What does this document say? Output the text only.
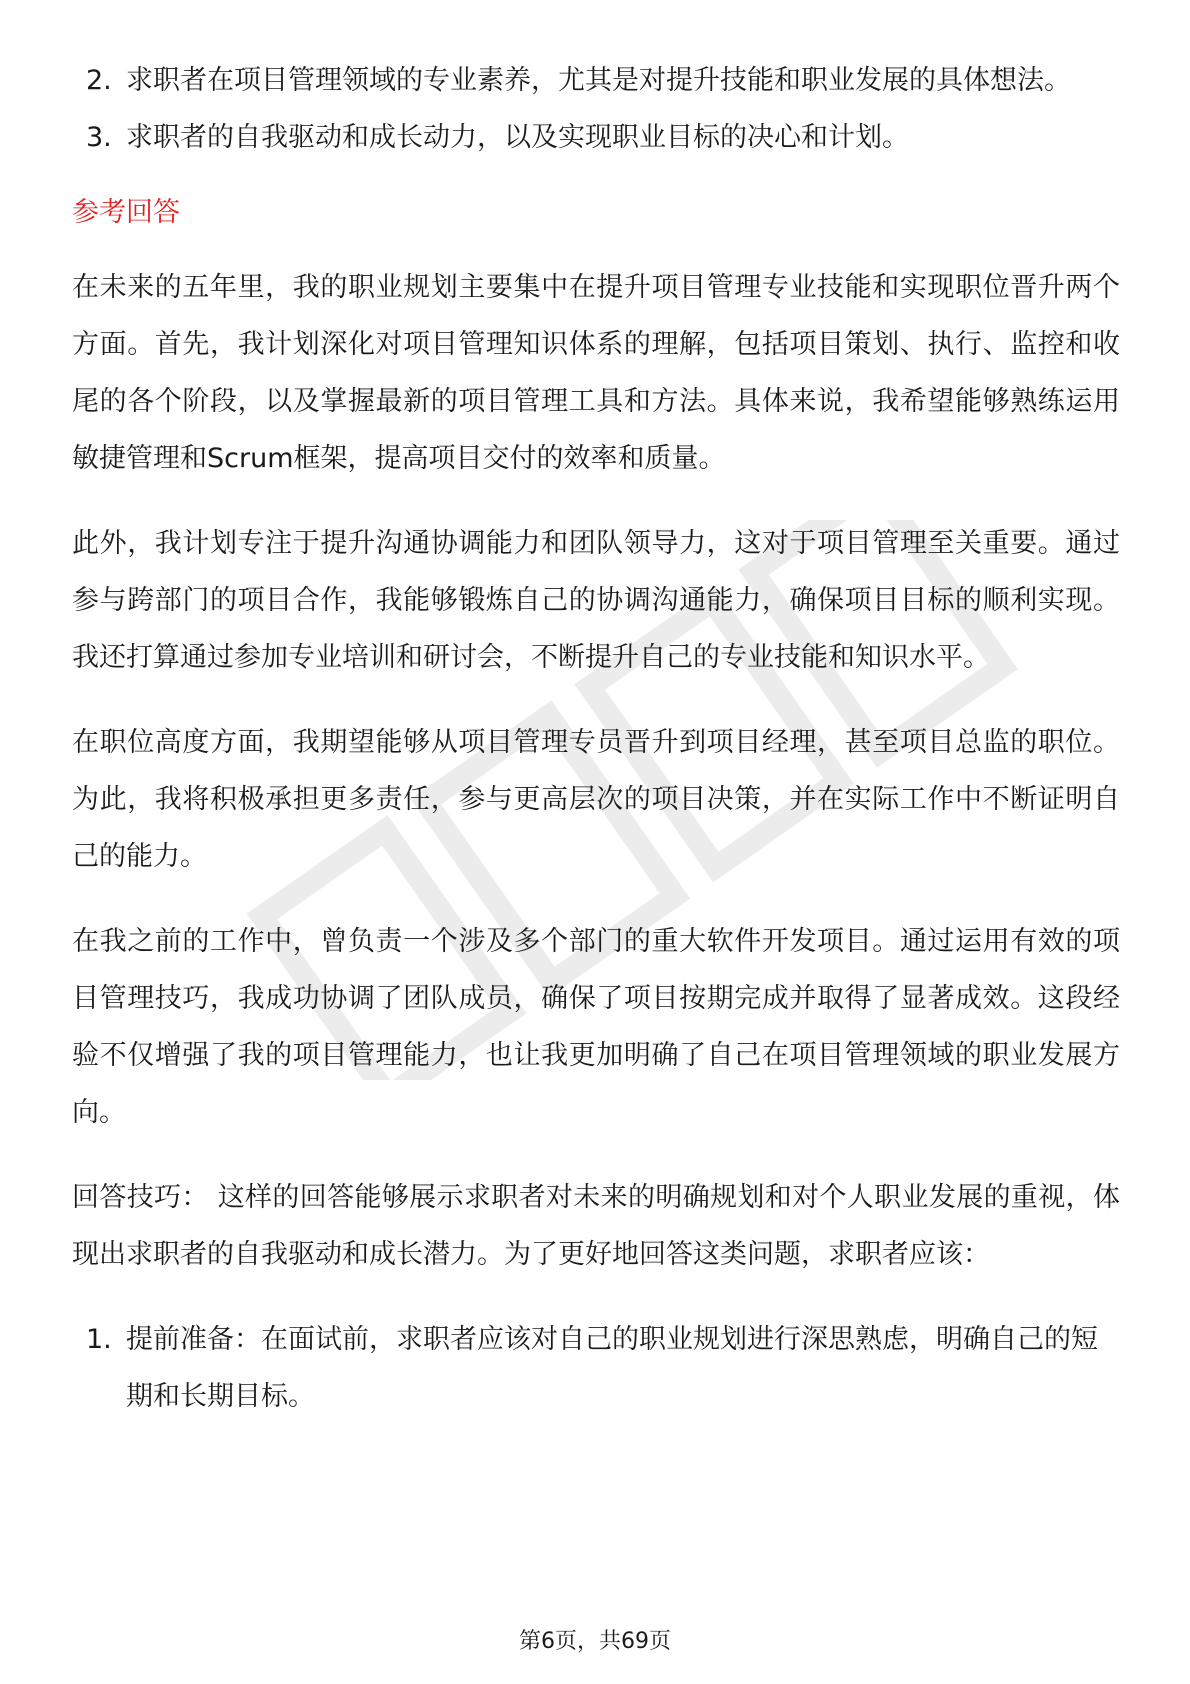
2. 求职者在项目管理领域的专业素养，尤其是对提升技能和职业发展的具体想法。
3. 求职者的自我驱动和成长动力，以及实现职业目标的决心和计划。
参考回答

在未来的五年里，我的职业规划主要集中在提升项目管理专业技能和实现职位晋升两个方面。首先，我计划深化对项目管理知识体系的理解，包括项目策划、执行、监控和收尾的各个阶段，以及掌握最新的项目管理工具和方法。具体来说，我希望能够熟练运用敏捷管理和Scrum框架，提高项目交付的效率和质量。

此外，我计划专注于提升沟通协调能力和团队领导力，这对于项目管理至关重要。通过参与跨部门的项目合作，我能够锻炼自己的协调沟通能力，确保项目目标的顺利实现。我还打算通过参加专业培训和研讨会，不断提升自己的专业技能和知识水平。

在职位高度方面，我期望能够从项目管理专员晋升到项目经理，甚至项目总监的职位。为此，我将积极承担更多责任，参与更高层次的项目决策，并在实际工作中不断证明自己的能力。

在我之前的工作中，曾负责一个涉及多个部门的重大软件开发项目。通过运用有效的项目管理技巧，我成功协调了团队成员，确保了项目按期完成并取得了显著成效。这段经验不仅增强了我的项目管理能力，也让我更加明确了自己在项目管理领域的职业发展方向。

回答技巧： 这样的回答能够展示求职者对未来的明确规划和对个人职业发展的重视，体现出求职者的自我驱动和成长潜力。为了更好地回答这类问题，求职者应该：

1. 提前准备：在面试前，求职者应该对自己的职业规划进行深思熟虑，明确自己的短期和长期目标。
第6页，共69页
